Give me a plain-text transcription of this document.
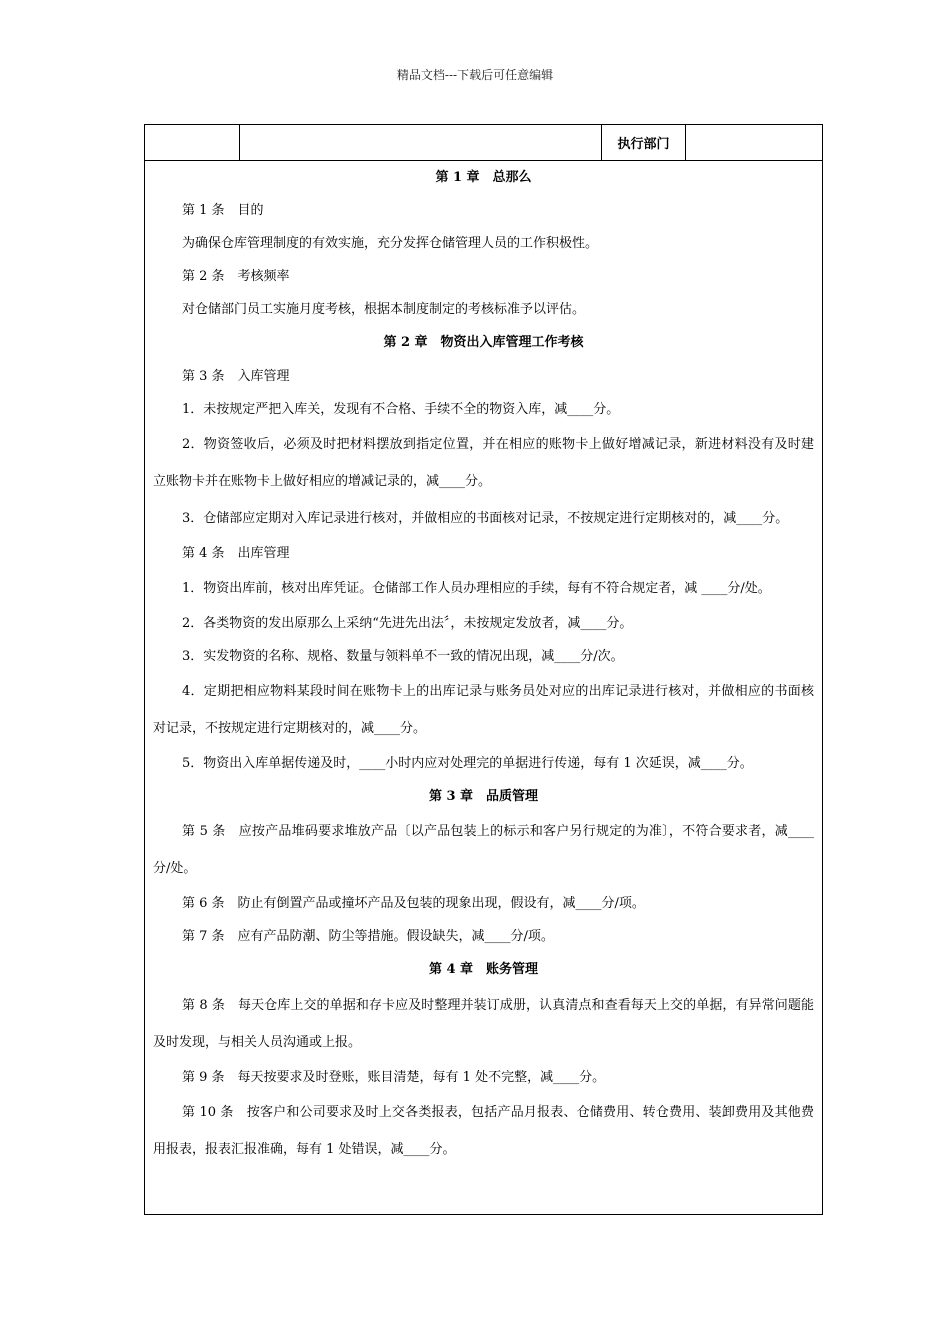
精品文档---下载后可任意编辑
执行部门
第 1 章　总那么
第 1 条　目的
为确保仓库管理制度的有效实施，充分发挥仓储管理人员的工作积极性。
第 2 条　考核频率
对仓储部门员工实施月度考核，根据本制度制定的考核标准予以评估。
第 2 章　物资出入库管理工作考核
第 3 条　入库管理
1．未按规定严把入库关，发现有不合格、手续不全的物资入库，减____分。

2．物资签收后，必须及时把材料摆放到指定位置，并在相应的账物卡上做好增减记录，新进材料没有及时建立账物卡并在账物卡上做好相应的增减记录的，减____分。

3．仓储部应定期对入库记录进行核对，并做相应的书面核对记录，不按规定进行定期核对的，减____分。

第 4 条　出库管理

1．物资出库前，核对出库凭证。仓储部工作人员办理相应的手续，每有不符合规定者，减 ____分/处。

2．各类物资的发出原那么上采纳“先进先出法〞，未按规定发放者，减____分。
3．实发物资的名称、规格、数量与领料单不一致的情况出现，减____分/次。

4．定期把相应物料某段时间在账物卡上的出库记录与账务员处对应的出库记录进行核对，并做相应的书面核对记录，不按规定进行定期核对的，减____分。

5．物资出入库单据传递及时，____小时内应对处理完的单据进行传递，每有 1 次延误，减____分。
第 3 章　品质管理

第 5 条　应按产品堆码要求堆放产品〔以产品包装上的标示和客户另行规定的为准〕，不符合要求者，减____分/处。

第 6 条　防止有倒置产品或撞坏产品及包装的现象出现，假设有，减____分/项。
第 7 条　应有产品防潮、防尘等措施。假设缺失，减____分/项。
第 4 章　账务管理

第 8 条　每天仓库上交的单据和存卡应及时整理并装订成册，认真清点和查看每天上交的单据，有异常问题能及时发现，与相关人员沟通或上报。

第 9 条　每天按要求及时登账，账目清楚，每有 1 处不完整，减____分。

第 10 条　按客户和公司要求及时上交各类报表，包括产品月报表、仓储费用、转仓费用、装卸费用及其他费用报表，报表汇报准确，每有 1 处错误，减____分。
